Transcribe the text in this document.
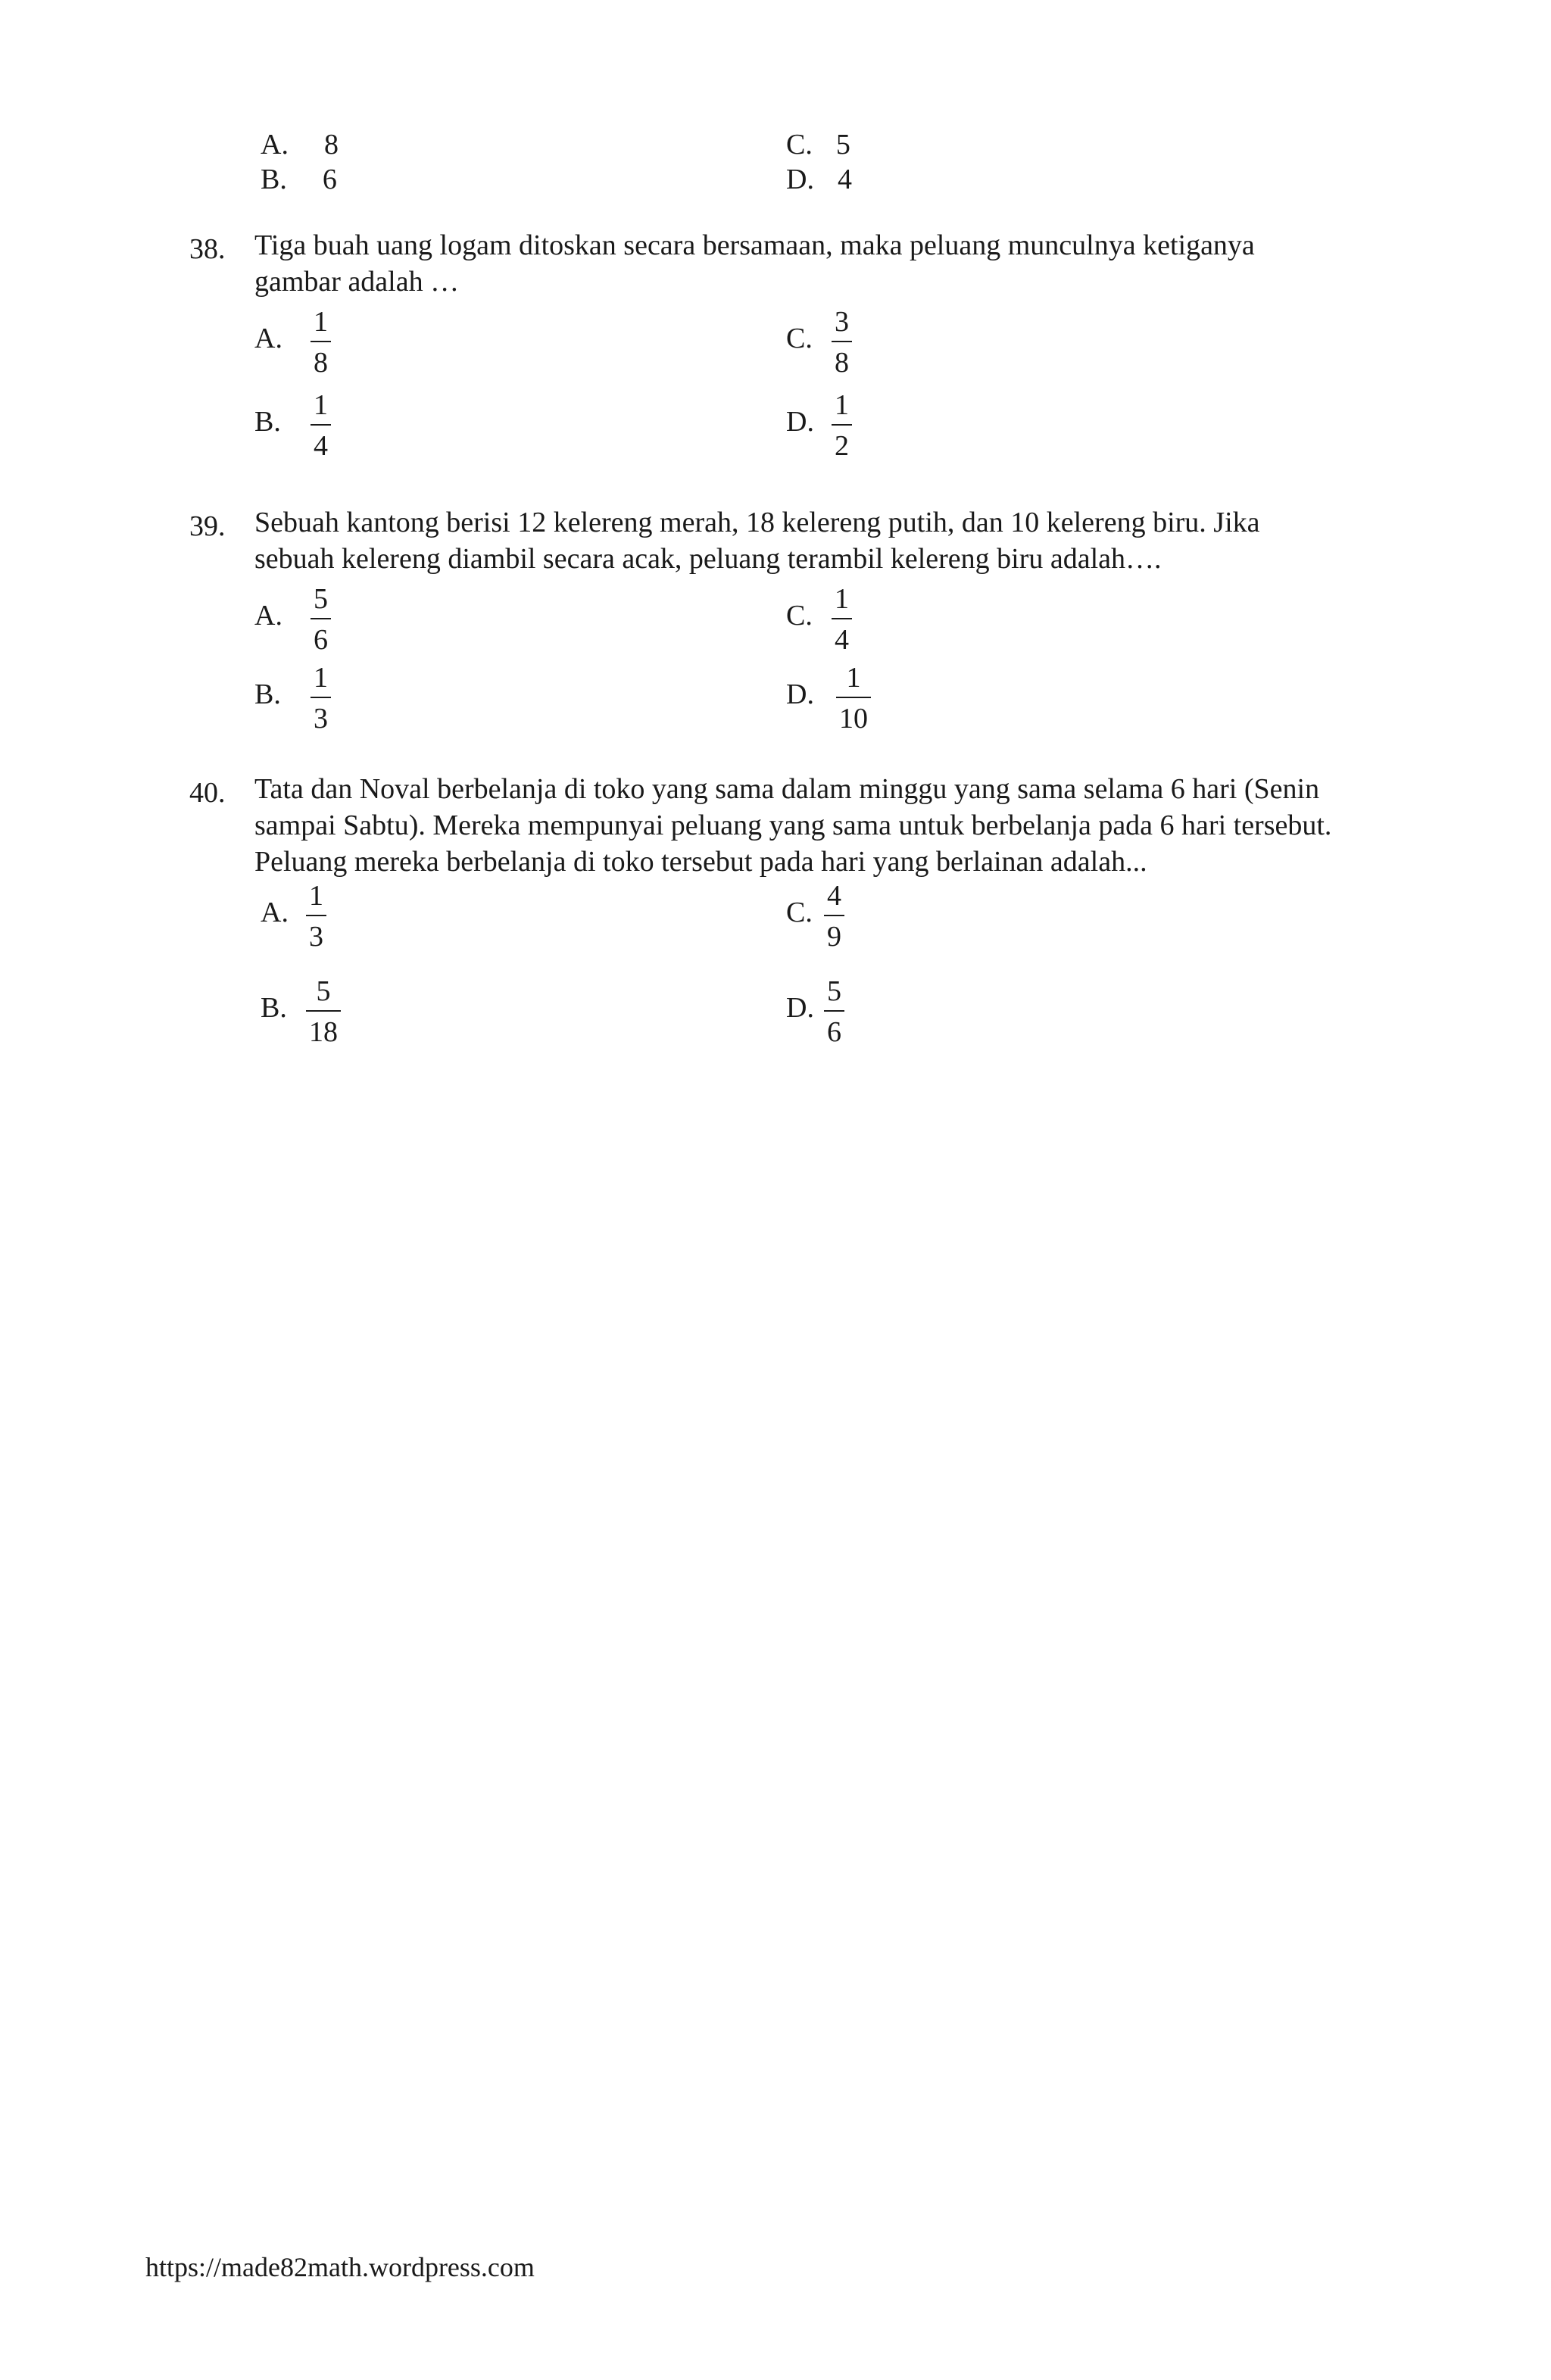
A. 8
B. 6
C. 5
D. 4
38. Tiga buah uang logam ditoskan secara bersamaan, maka peluang munculnya ketiganya
gambar adalah …
A.
1
8
C.
3
8
B.
1
4
D.
1
2
39. Sebuah kantong berisi 12 kelereng merah, 18 kelereng putih, dan 10 kelereng biru. Jika
sebuah kelereng diambil secara acak, peluang terambil kelereng biru adalah….
A.
5
6
C.
1
4
B.
1
3
D.
1
10
40. Tata dan Noval berbelanja di toko yang sama dalam minggu yang sama selama 6 hari (Senin
sampai Sabtu). Mereka mempunyai peluang yang sama untuk berbelanja pada 6 hari tersebut.
Peluang mereka berbelanja di toko tersebut pada hari yang berlainan adalah...
A.
1
3
C.
4
9
B.
5
18
D.
5
6
https://made82math.wordpress.com
